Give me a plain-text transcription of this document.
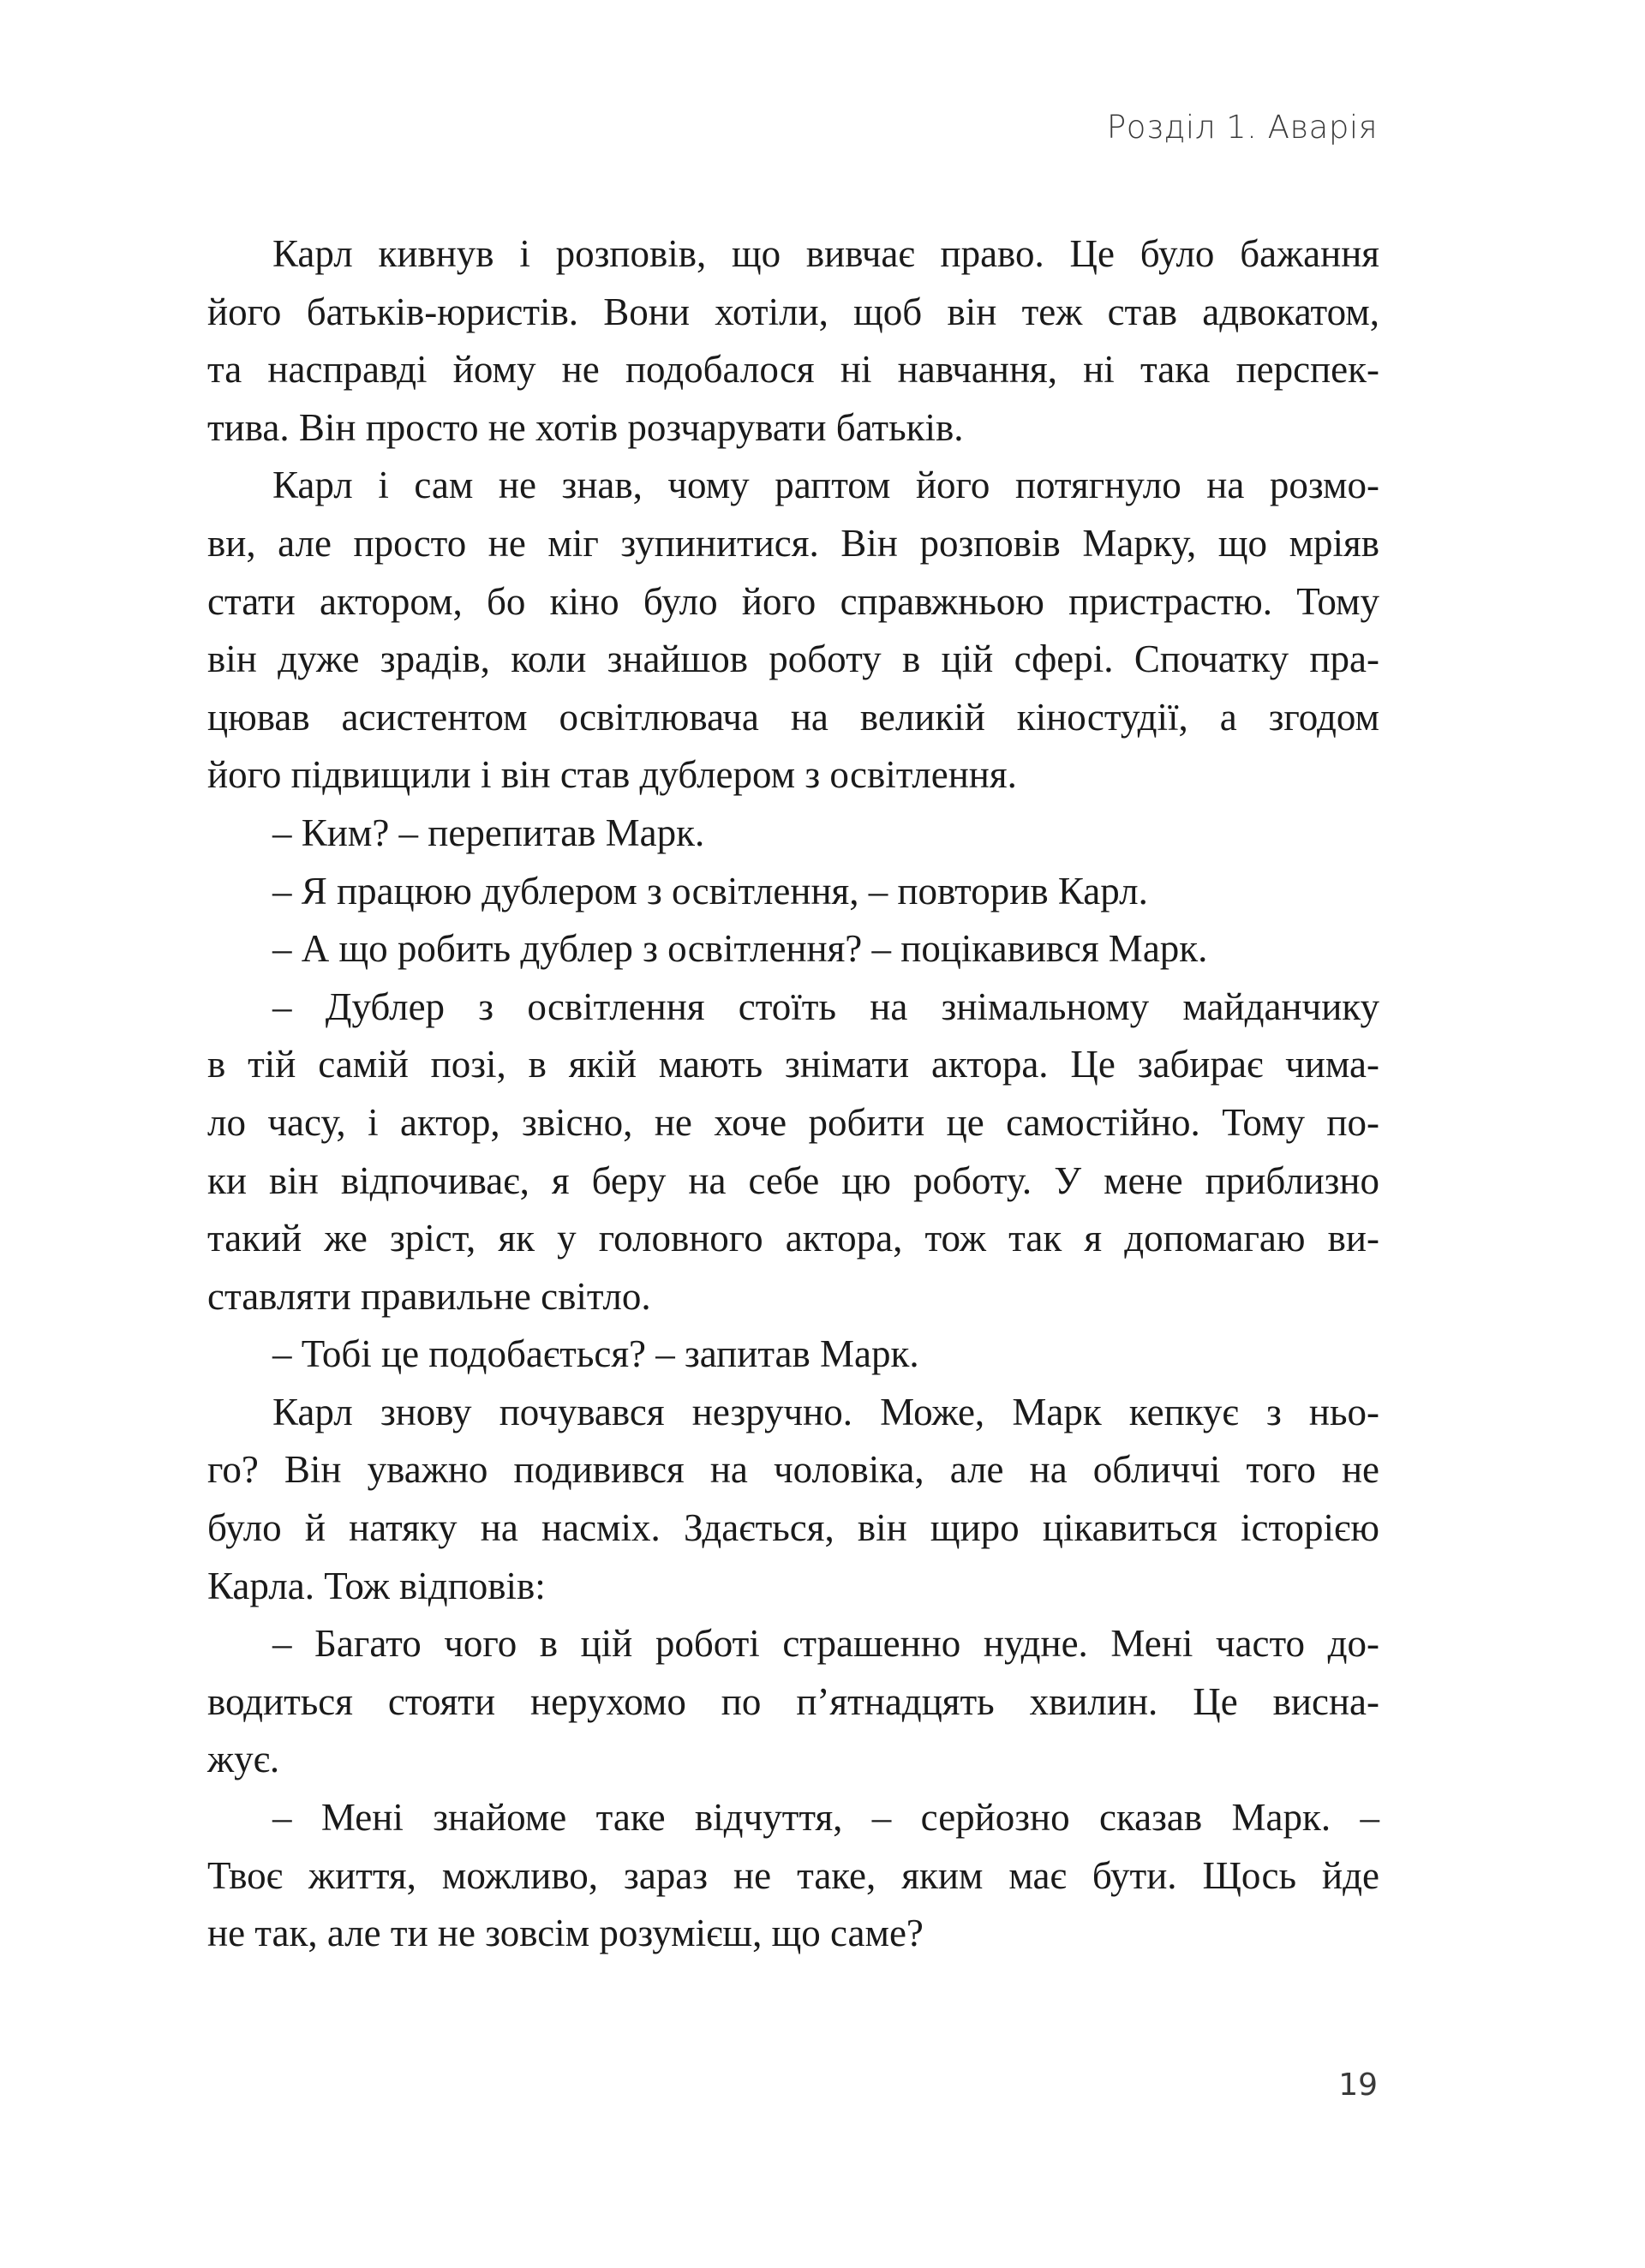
Розділ 1. Аварія
Карл кивнув і розповів, що вивчає право. Це було бажання
його батьків-юристів. Вони хотіли, щоб він теж став адвокатом,
та насправді йому не подобалося ні навчання, ні така перспек-
тива. Він просто не хотів розчарувати батьків.
Карл і сам не знав, чому раптом його потягнуло на розмо-
ви, але просто не міг зупинитися. Він розповів Марку, що мріяв
стати актором, бо кіно було його справжньою пристрастю. Тому
він дуже зрадів, коли знайшов роботу в цій сфері. Спочатку пра-
цював асистентом освітлювача на великій кіностудії, а згодом
його підвищили і він став дублером з освітлення.
– Ким? – перепитав Марк.
– Я працюю дублером з освітлення, – повторив Карл.
– А що робить дублер з освітлення? – поцікавився Марк.
– Дублер з освітлення стоїть на знімальному майданчику
в тій самій позі, в якій мають знімати актора. Це забирає чима-
ло часу, і актор, звісно, не хоче робити це самостійно. Тому по-
ки він відпочиває, я беру на себе цю роботу. У мене приблизно
такий же зріст, як у головного актора, тож так я допомагаю ви-
ставляти правильне світло.
– Тобі це подобається? – запитав Марк.
Карл знову почувався незручно. Може, Марк кепкує з ньо-
го? Він уважно подивився на чоловіка, але на обличчі того не
було й натяку на насміх. Здається, він щиро цікавиться історією
Карла. Тож відповів:
– Багато чого в цій роботі страшенно нудне. Мені часто до-
водиться стояти нерухомо по п’ятнадцять хвилин. Це висна-
жує.
– Мені знайоме таке відчуття, – серйозно сказав Марк. –
Твоє життя, можливо, зараз не таке, яким має бути. Щось йде
не так, але ти не зовсім розумієш, що саме?
19
